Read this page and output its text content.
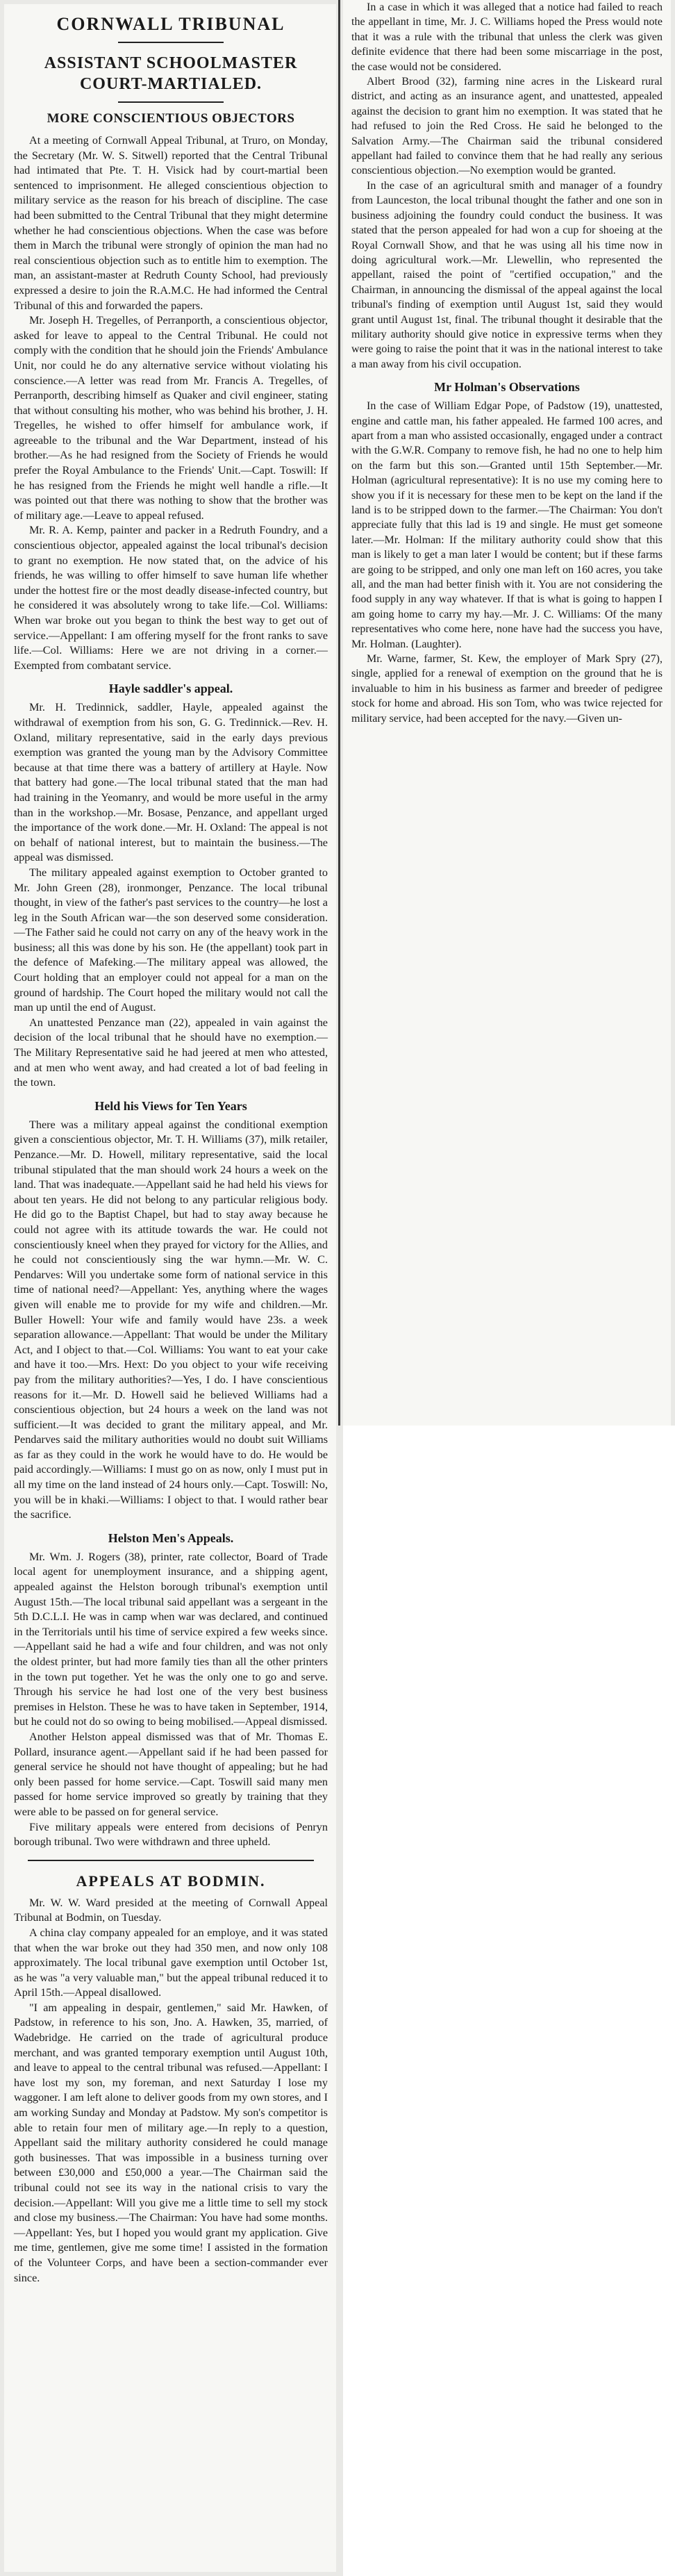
CORNWALL TRIBUNAL
ASSISTANT SCHOOLMASTER
COURT-MARTIALED.
MORE CONSCIENTIOUS OBJECTORS

At a meeting of Cornwall Appeal Tribunal, at Truro, on Monday, the Secretary (Mr. W. S. Sitwell) reported that the Central Tribunal had intimated that Pte. T. H. Visick had by court-martial been sentenced to imprisonment. He alleged conscientious objection to military service as the reason for his breach of discipline. The case had been submitted to the Central Tribunal that they might determine whether he had conscientious objections. When the case was before them in March the tribunal were strongly of opinion the man had no real conscientious objection such as to entitle him to exemption. The man, an assistant-master at Redruth County School, had previously expressed a desire to join the R.A.M.C. He had informed the Central Tribunal of this and forwarded the papers.

Mr. Joseph H. Tregelles, of Perranporth, a conscientious objector, asked for leave to appeal to the Central Tribunal. He could not comply with the condition that he should join the Friends' Ambulance Unit, nor could he do any alternative service without violating his conscience.—A letter was read from Mr. Francis A. Tregelles, of Perranporth, describing himself as Quaker and civil engineer, stating that without consulting his mother, who was behind his brother, J. H. Tregelles, he wished to offer himself for ambulance work, if agreeable to the tribunal and the War Department, instead of his brother.—As he had resigned from the Society of Friends he would prefer the Royal Ambulance to the Friends' Unit.—Capt. Toswill: If he has resigned from the Friends he might well handle a rifle.—It was pointed out that there was nothing to show that the brother was of military age.—Leave to appeal refused.

Mr. R. A. Kemp, painter and packer in a Redruth Foundry, and a conscientious objector, appealed against the local tribunal's decision to grant no exemption. He now stated that, on the advice of his friends, he was willing to offer himself to save human life whether under the hottest fire or the most deadly disease-infected country, but he considered it was absolutely wrong to take life.—Col. Williams: When war broke out you began to think the best way to get out of service.—Appellant: I am offering myself for the front ranks to save life.—Col. Williams: Here we are not driving in a corner.—Exempted from combatant service.

Hayle saddler's appeal.

Mr. H. Tredinnick, saddler, Hayle, appealed against the withdrawal of exemption from his son, G. G. Tredinnick.—Rev. H. Oxland, military representative, said in the early days previous exemption was granted the young man by the Advisory Committee because at that time there was a battery of artillery at Hayle. Now that battery had gone.—The local tribunal stated that the man had had training in the Yeomanry, and would be more useful in the army than in the workshop.—Mr. Bosase, Penzance, and appellant urged the importance of the work done.—Mr. H. Oxland: The appeal is not on behalf of national interest, but to maintain the business.—The appeal was dismissed.

The military appealed against exemption to October granted to Mr. John Green (28), ironmonger, Penzance. The local tribunal thought, in view of the father's past services to the country—he lost a leg in the South African war—the son deserved some consideration.—The Father said he could not carry on any of the heavy work in the business; all this was done by his son. He (the appellant) took part in the defence of Mafeking.—The military appeal was allowed, the Court holding that an employer could not appeal for a man on the ground of hardship. The Court hoped the military would not call the man up until the end of August.

An unattested Penzance man (22), appealed in vain against the decision of the local tribunal that he should have no exemption.—The Military Representative said he had jeered at men who attested, and at men who went away, and had created a lot of bad feeling in the town.

Held his Views for Ten Years

There was a military appeal against the conditional exemption given a conscientious objector, Mr. T. H. Williams (37), milk retailer, Penzance.—Mr. D. Howell, military representative, said the local tribunal stipulated that the man should work 24 hours a week on the land. That was inadequate.—Appellant said he had held his views for about ten years. He did not belong to any particular religious body. He did go to the Baptist Chapel, but had to stay away because he could not agree with its attitude towards the war. He could not conscientiously kneel when they prayed for victory for the Allies, and he could not conscientiously sing the war hymn.—Mr. W. C. Pendarves: Will you undertake some form of national service in this time of national need?—Appellant: Yes, anything where the wages given will enable me to provide for my wife and children.—Mr. Buller Howell: Your wife and family would have 23s. a week separation allowance.—Appellant: That would be under the Military Act, and I object to that.—Col. Williams: You want to eat your cake and have it too.—Mrs. Hext: Do you object to your wife receiving pay from the military authorities?—Yes, I do. I have conscientious reasons for it.—Mr. D. Howell said he believed Williams had a conscientious objection, but 24 hours a week on the land was not sufficient.—It was decided to grant the military appeal, and Mr. Pendarves said the military authorities would no doubt suit Williams as far as they could in the work he would have to do. He would be paid accordingly.—Williams: I must go on as now, only I must put in all my time on the land instead of 24 hours only.—Capt. Toswill: No, you will be in khaki.—Williams: I object to that. I would rather bear the sacrifice.

Helston Men's Appeals.

Mr. Wm. J. Rogers (38), printer, rate collector, Board of Trade local agent for unemployment insurance, and a shipping agent, appealed against the Helston borough tribunal's exemption until August 15th.—The local tribunal said appellant was a sergeant in the 5th D.C.L.I. He was in camp when war was declared, and continued in the Territorials until his time of service expired a few weeks since.—Appellant said he had a wife and four children, and was not only the oldest printer, but had more family ties than all the other printers in the town put together. Yet he was the only one to go and serve. Through his service he had lost one of the very best business premises in Helston. These he was to have taken in September, 1914, but he could not do so owing to being mobilised.—Appeal dismissed.

Another Helston appeal dismissed was that of Mr. Thomas E. Pollard, insurance agent.—Appellant said if he had been passed for general service he should not have thought of appealing; but he had only been passed for home service.—Capt. Toswill said many men passed for home service improved so greatly by training that they were able to be passed on for general service.

Five military appeals were entered from decisions of Penryn borough tribunal. Two were withdrawn and three upheld.

APPEALS AT BODMIN.

Mr. W. W. Ward presided at the meeting of Cornwall Appeal Tribunal at Bodmin, on Tuesday.

A china clay company appealed for an employe, and it was stated that when the war broke out they had 350 men, and now only 108 approximately. The local tribunal gave exemption until October 1st, as he was "a very valuable man," but the appeal tribunal reduced it to April 15th.—Appeal disallowed.

"I am appealing in despair, gentlemen," said Mr. Hawken, of Padstow, in reference to his son, Jno. A. Hawken, 35, married, of Wadebridge. He carried on the trade of agricultural produce merchant, and was granted temporary exemption until August 10th, and leave to appeal to the central tribunal was refused.—Appellant: I have lost my son, my foreman, and next Saturday I lose my waggoner. I am left alone to deliver goods from my own stores, and I am working Sunday and Monday at Padstow. My son's competitor is able to retain four men of military age.—In reply to a question, Appellant said the military authority considered he could manage goth businesses. That was impossible in a business turning over between £30,000 and £50,000 a year.—The Chairman said the tribunal could not see its way in the national crisis to vary the decision.—Appellant: Will you give me a little time to sell my stock and close my business.—The Chairman: You have had some months.—Appellant: Yes, but I hoped you would grant my application. Give me time, gentlemen, give me some time! I assisted in the formation of the Volunteer Corps, and have been a section-commander ever since.

In a case in which it was alleged that a notice had failed to reach the appellant in time, Mr. J. C. Williams hoped the Press would note that it was a rule with the tribunal that unless the clerk was given definite evidence that there had been some miscarriage in the post, the case would not be considered.

Albert Brood (32), farming nine acres in the Liskeard rural district, and acting as an insurance agent, and unattested, appealed against the decision to grant him no exemption. It was stated that he had refused to join the Red Cross. He said he belonged to the Salvation Army.—The Chairman said the tribunal considered appellant had failed to convince them that he had really any serious conscientious objection.—No exemption would be granted.

In the case of an agricultural smith and manager of a foundry from Launceston, the local tribunal thought the father and one son in business adjoining the foundry could conduct the business. It was stated that the person appealed for had won a cup for shoeing at the Royal Cornwall Show, and that he was using all his time now in doing agricultural work.—Mr. Llewellin, who represented the appellant, raised the point of "certified occupation," and the Chairman, in announcing the dismissal of the appeal against the local tribunal's finding of exemption until August 1st, said they would grant until August 1st, final. The tribunal thought it desirable that the military authority should give notice in expressive terms when they were going to raise the point that it was in the national interest to take a man away from his civil occupation.

Mr Holman's Observations

In the case of William Edgar Pope, of Padstow (19), unattested, engine and cattle man, his father appealed. He farmed 100 acres, and apart from a man who assisted occasionally, engaged under a contract with the G.W.R. Company to remove fish, he had no one to help him on the farm but this son.—Granted until 15th September.—Mr. Holman (agricultural representative): It is no use my coming here to show you if it is necessary for these men to be kept on the land if the land is to be stripped down to the farmer.—The Chairman: You don't appreciate fully that this lad is 19 and single. He must get someone later.—Mr. Holman: If the military authority could show that this man is likely to get a man later I would be content; but if these farms are going to be stripped, and only one man left on 160 acres, you take all, and the man had better finish with it. You are not considering the food supply in any way whatever. If that is what is going to happen I am going home to carry my hay.—Mr. J. C. Williams: Of the many representatives who come here, none have had the success you have, Mr. Holman. (Laughter).

Mr. Warne, farmer, St. Kew, the employer of Mark Spry (27), single, applied for a renewal of exemption on the ground that he is invaluable to him in his business as farmer and breeder of pedigree stock for home and abroad. His son Tom, who was twice rejected for military service, had been accepted for the navy.—Given un-
